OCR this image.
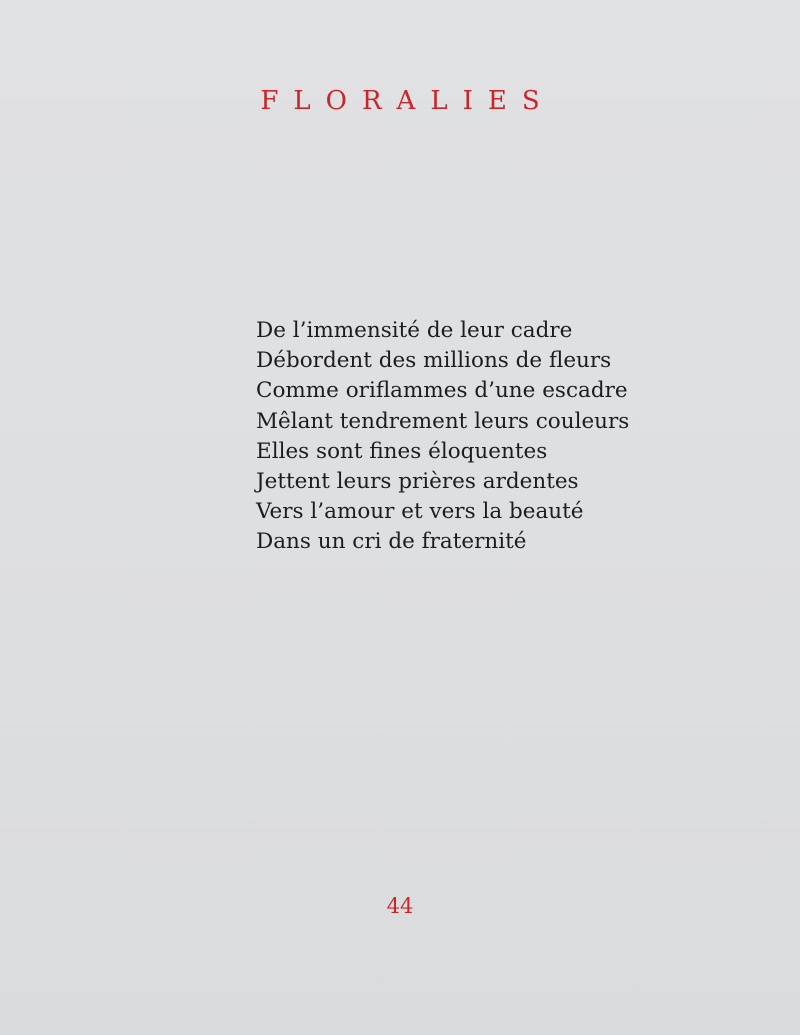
FLORALIES
De l’immensité de leur cadre
Débordent des millions de fleurs
Comme oriflammes d’une escadre
Mêlant tendrement leurs couleurs
Elles sont fines éloquentes
Jettent leurs prières ardentes
Vers l’amour et vers la beauté
Dans un cri de fraternité
44
